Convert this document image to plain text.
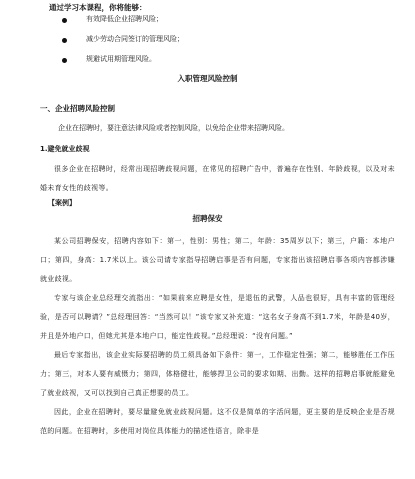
通过学习本课程，你将能够：
有效降低企业招聘风险；
减少劳动合同签订的管理风险；
规避试用期管理风险。
入职管理风险控制
一、企业招聘风险控制
企业在招聘时，要注意法律风险或者控制风险，以免给企业带来招聘风险。
1.避免就业歧视

很多企业在招聘时，经常出现招聘歧视问题，在常见的招聘广告中，普遍存在性别、年龄歧视，以及对未婚未育女性的歧视等。

【案例】
招聘保安

某公司招聘保安，招聘内容如下：第一，性别：男性；第二，年龄：35周岁以下；第三，户籍：本地户口；第四，身高：1.7米以上。该公司请专家指导招聘启事是否有问题，专家指出该招聘启事各项内容都涉嫌就业歧视。

专家与该企业总经理交流指出：“如果前来应聘是女性，是退伍的武警，人品也很好，具有丰富的管理经验，是否可以聘请？”总经理回答：“当然可以！”该专家又补充道：“这名女子身高不到1.7米，年龄是40岁，并且是外地户口，但她尤其是本地户口，能定性歧视。”总经理说：“没有问题。”

最后专家指出，该企业实际要招聘的员工须具备如下条件：第一，工作稳定性强；第二，能够胜任工作压力；第三，对本人要有威慑力；第四，体格健壮，能够捍卫公司的要求如期、出勤。这样的招聘启事就能避免了就业歧视，又可以找到自己真正想要的员工。

因此，企业在招聘时，要尽量避免就业歧视问题。这不仅是简单的字活问题，更主要的是反映企业是否规范的问题。在招聘时，多使用对岗位具体能力的描述性语言，除非是
